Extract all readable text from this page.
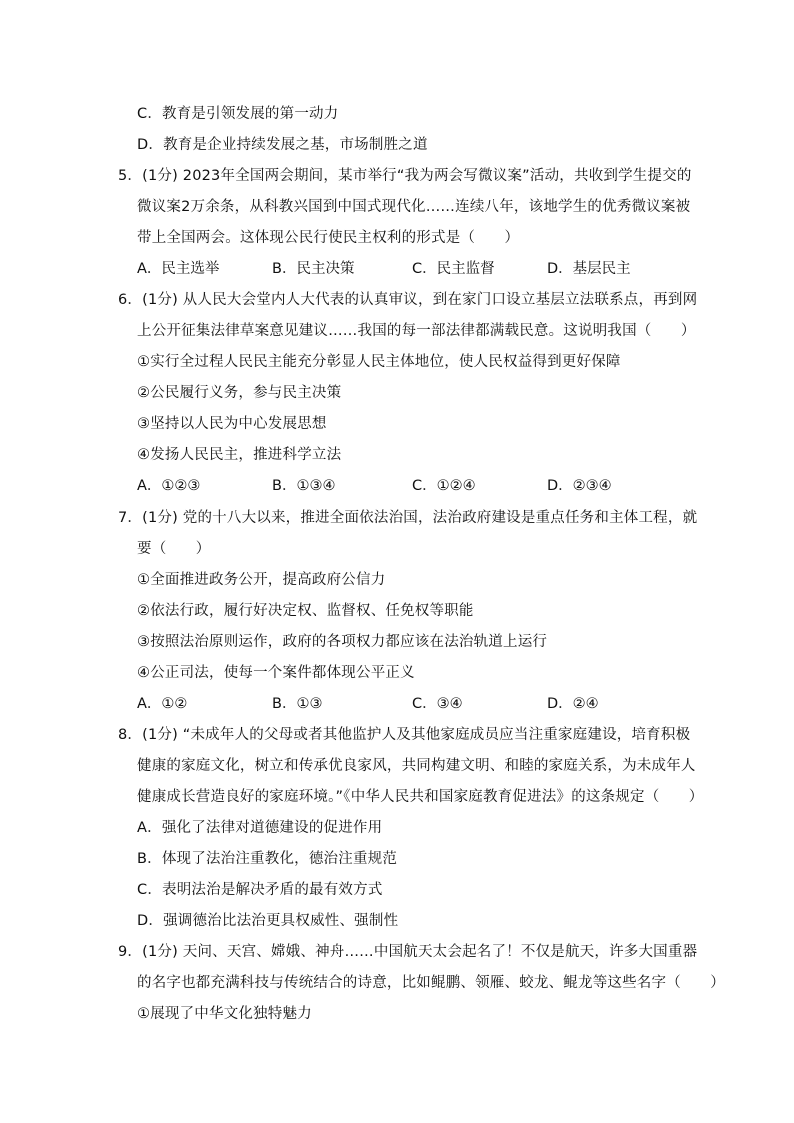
C．教育是引领发展的第一动力
D．教育是企业持续发展之基，市场制胜之道
5．(1分) 2023年全国两会期间，某市举行“我为两会写微议案”活动，共收到学生提交的
微议案2万余条，从科教兴国到中国式现代化……连续八年，该地学生的优秀微议案被
带上全国两会。这体现公民行使民主权利的形式是（　　）
A．民主选举	B．民主决策	C．民主监督	D．基层民主
6．(1分) 从人民大会堂内人大代表的认真审议，到在家门口设立基层立法联系点，再到网
上公开征集法律草案意见建议……我国的每一部法律都满载民意。这说明我国（　　）
①实行全过程人民民主能充分彰显人民主体地位，使人民权益得到更好保障
②公民履行义务，参与民主决策
③坚持以人民为中心发展思想
④发扬人民民主，推进科学立法
A．①②③	B．①③④	C．①②④	D．②③④
7．(1分) 党的十八大以来，推进全面依法治国，法治政府建设是重点任务和主体工程，就
要（　　）
①全面推进政务公开，提高政府公信力
②依法行政，履行好决定权、监督权、任免权等职能
③按照法治原则运作，政府的各项权力都应该在法治轨道上运行
④公正司法，使每一个案件都体现公平正义
A．①②	B．①③	C．③④	D．②④
8．(1分) “未成年人的父母或者其他监护人及其他家庭成员应当注重家庭建设，培育积极
健康的家庭文化，树立和传承优良家风，共同构建文明、和睦的家庭关系，为未成年人
健康成长营造良好的家庭环境。”《中华人民共和国家庭教育促进法》的这条规定（　　）
A．强化了法律对道德建设的促进作用
B．体现了法治注重教化，德治注重规范
C．表明法治是解决矛盾的最有效方式
D．强调德治比法治更具权威性、强制性
9．(1分) 天问、天宫、嫦娥、神舟……中国航天太会起名了！不仅是航天，许多大国重器
的名字也都充满科技与传统结合的诗意，比如鲲鹏、领雁、蛟龙、鲲龙等这些名字（　　）
①展现了中华文化独特魅力
